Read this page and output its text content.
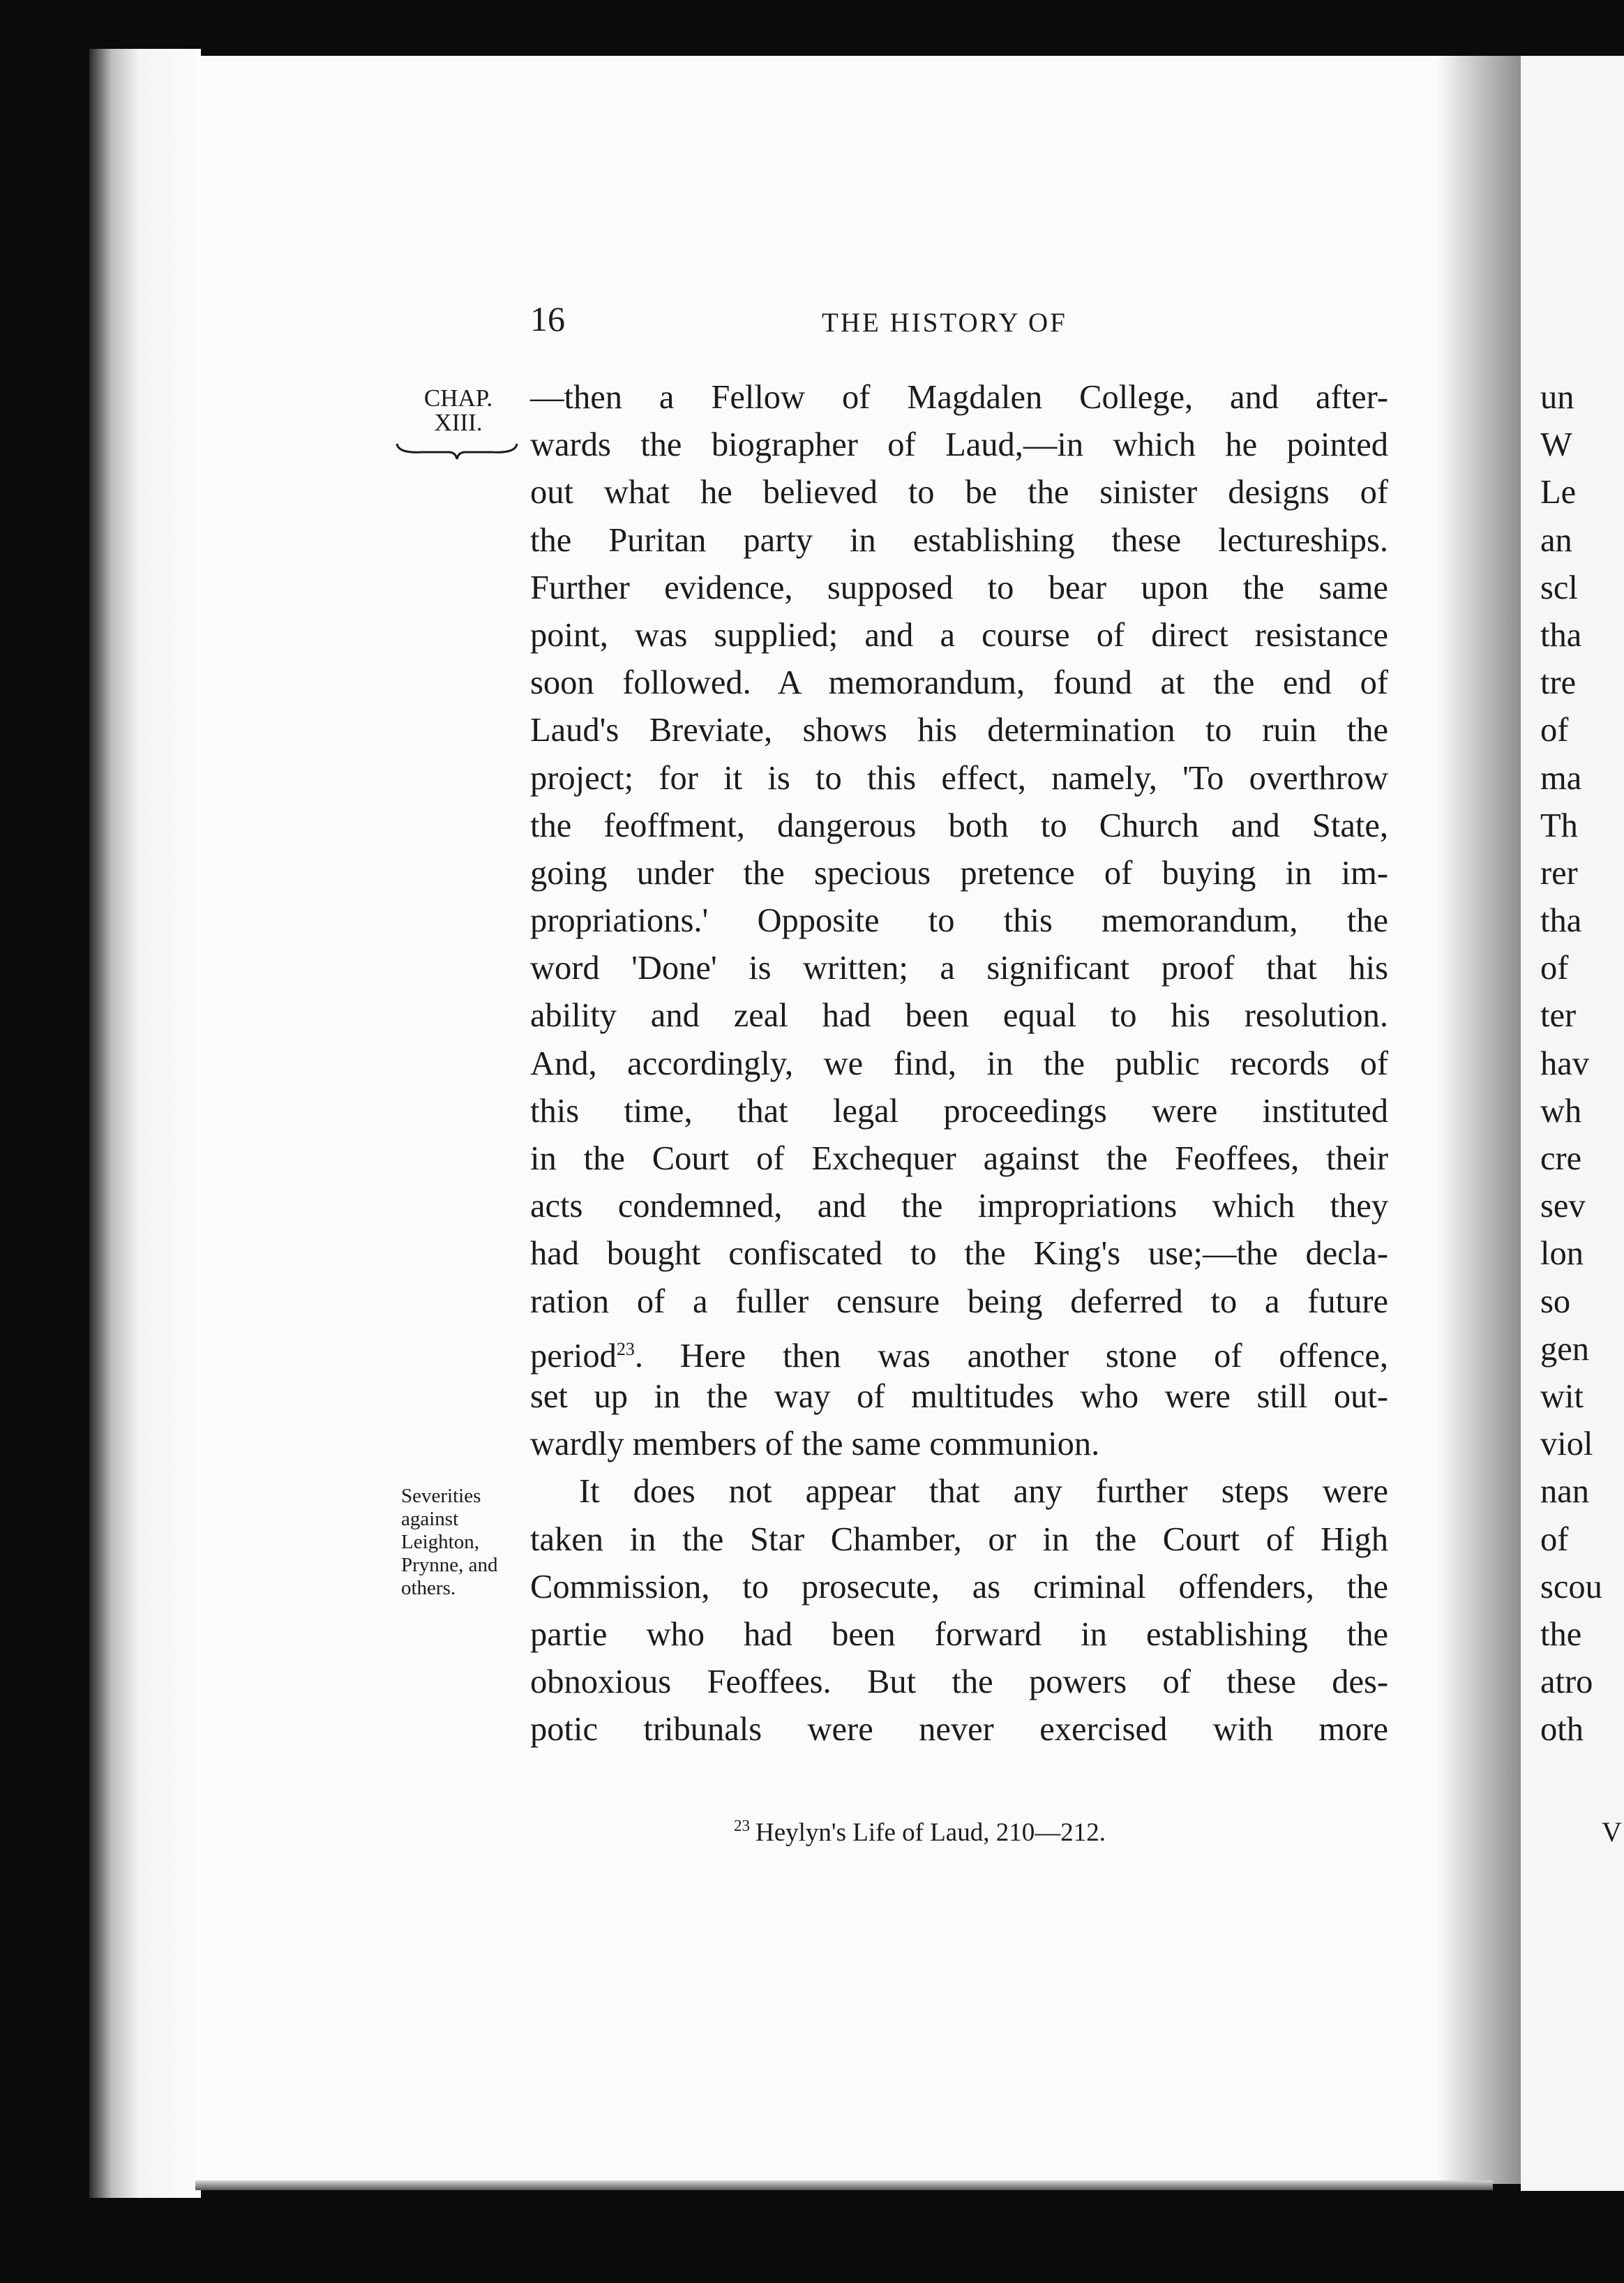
16	THE HISTORY OF
CHAP.
XIII.
—then a Fellow of Magdalen College, and after-
wards the biographer of Laud,—in which he pointed
out what he believed to be the sinister designs of
the Puritan party in establishing these lectureships.
Further evidence, supposed to bear upon the same
point, was supplied; and a course of direct resistance
soon followed. A memorandum, found at the end of
Laud's Breviate, shows his determination to ruin the
project; for it is to this effect, namely, 'To overthrow
the feoffment, dangerous both to Church and State,
going under the specious pretence of buying in im-
propriations.' Opposite to this memorandum, the
word 'Done' is written; a significant proof that his
ability and zeal had been equal to his resolution.
And, accordingly, we find, in the public records of
this time, that legal proceedings were instituted
in the Court of Exchequer against the Feoffees, their
acts condemned, and the impropriations which they
had bought confiscated to the King's use;—the decla-
ration of a fuller censure being deferred to a future
period$^{23}$. Here then was another stone of offence,
set up in the way of multitudes who were still out-
wardly members of the same communion.
It does not appear that any further steps were
taken in the Star Chamber, or in the Court of High
Commission, to prosecute, as criminal offenders, the
partie who had been forward in establishing the
obnoxious Feoffees. But the powers of these des-
potic tribunals were never exercised with more
Severities
against
Leighton,
Prynne, and
others.
$^{23}$ Heylyn's Life of Laud, 210—212.
un
W
Le
an
scl
tha
tre
of
ma
Th
rer
tha
of
ter
hav
wh
cre
sev
lon
so
gen
wit
viol
nan
of
scou
the
atro
oth
V
